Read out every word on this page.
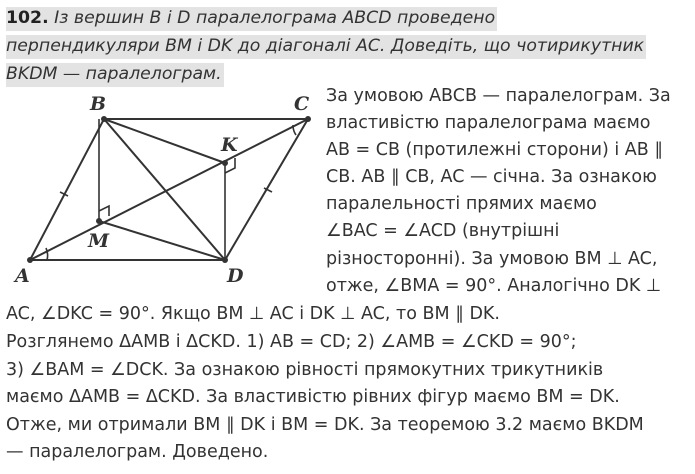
102. Із вершин B і D паралелограма ABCD проведено
перпендикуляри BM і DK до діагоналі AC. Доведіть, що чотирикутник
BKDM — паралелограм.
A
B	C
D
K
M
За умовою ABCB — паралелограм. За
властивістю паралелограма маємо
AB = CB (протилежні сторони) і AB ∥
CB. AB ∥ CB, AC — січна. За ознакою
паралельності прямих маємо
∠BAC = ∠ACD (внутрішні
різносторонні). За умовою BM ⊥ AC,
отже, ∠BMA = 90°. Аналогічно DK ⊥
AC, ∠DKC = 90°. Якщо BM ⊥ AC і DK ⊥ AC, то BM ∥ DK.
Розглянемо ΔAMB і ΔCKD. 1) AB = CD; 2) ∠AMB = ∠CKD = 90°;
3) ∠BAM = ∠DCK. За ознакою рівності прямокутних трикутників
маємо ΔAMB = ΔCKD. За властивістю рівних фігур маємо BM = DK.
Отже, ми отримали BM ∥ DK і BM = DK. За теоремою 3.2 маємо BKDM
— паралелограм. Доведено.
